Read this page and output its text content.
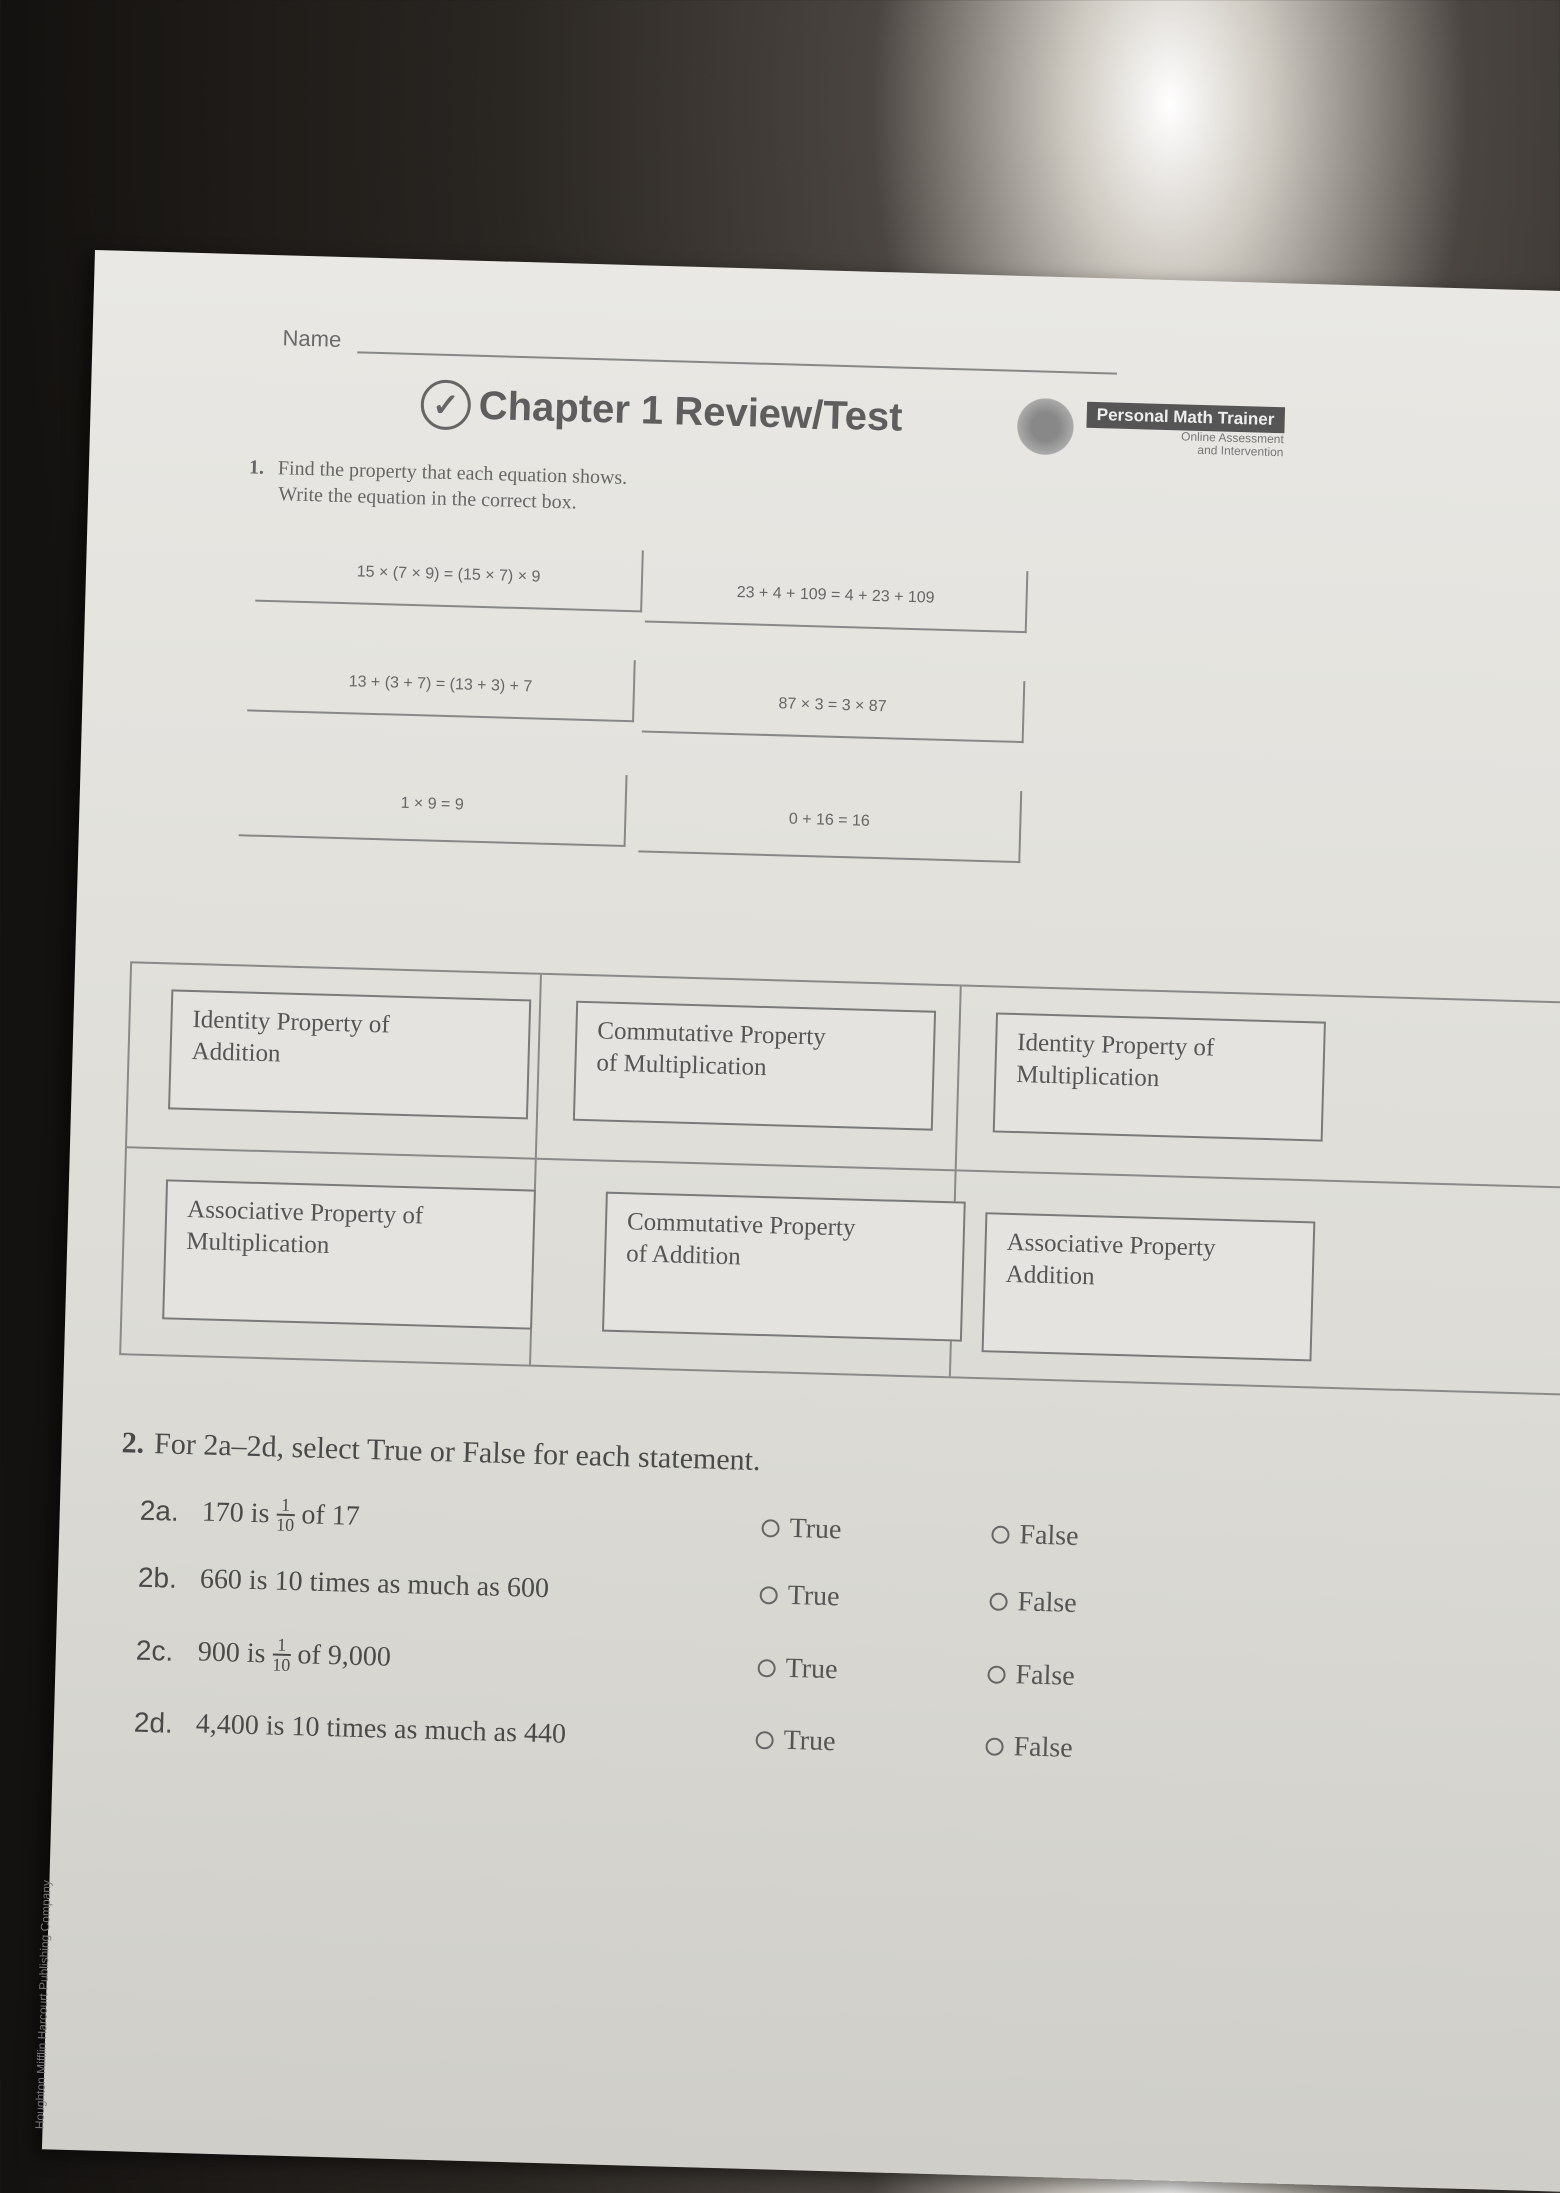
Name
✓ Chapter 1 Review/Test	Personal Math Trainer
Online Assessment
and Intervention
1. Find the property that each equation shows.
Write the equation in the correct box.
15 × (7 × 9) = (15 × 7) × 9
23 + 4 + 109 = 4 + 23 + 109
13 + (3 + 7) = (13 + 3) + 7
87 × 3 = 3 × 87
1 × 9 = 9
0 + 16 = 16
Identity Property of
Addition
Commutative Property
of Multiplication
Identity Property of
Multiplication
Associative Property of
Multiplication
Commutative Property
of Addition	Associative Property
Addition
2. For 2a–2d, select True or False for each statement.
2a. 170 is $\frac{1}{10}$ of 17	True	False
2b. 660 is 10 times as much as 600	True	False
2c. 900 is $\frac{1}{10}$ of 9,000	True	False
2d. 4,400 is 10 times as much as 440	True	False
Houghton Mifflin Harcourt Publishing Company
